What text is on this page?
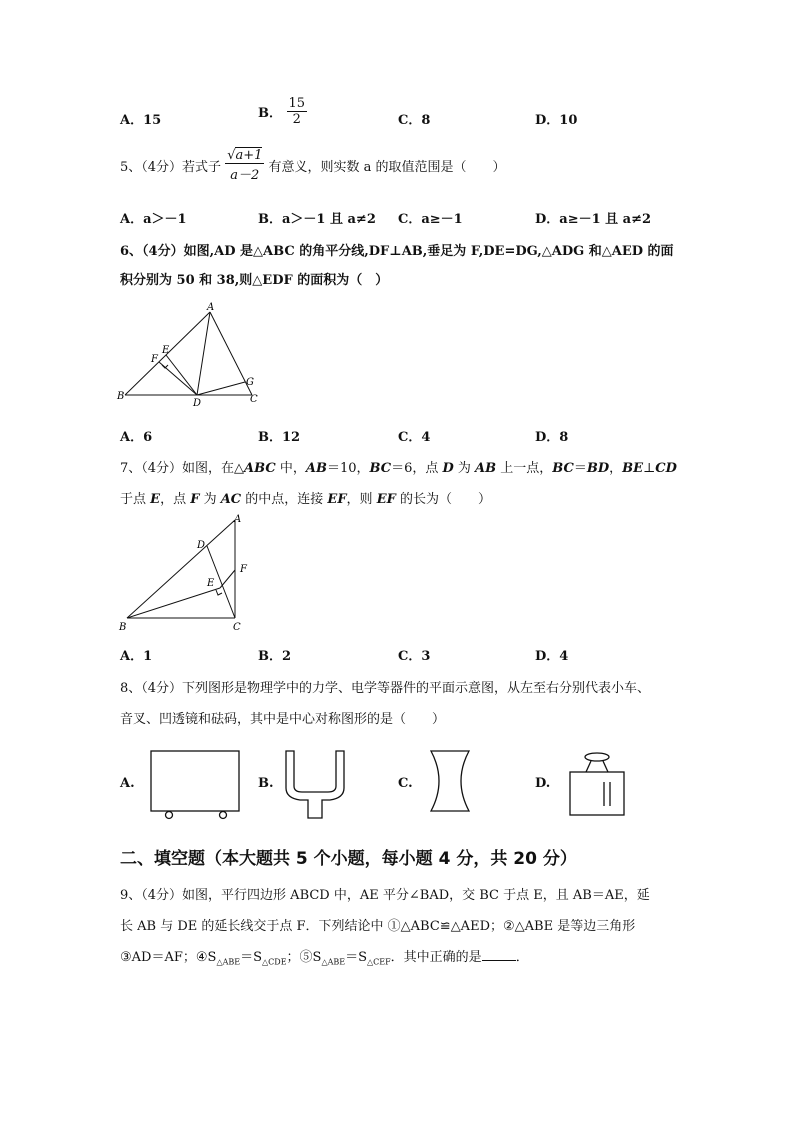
A．15	B． $\frac{15}{2}$	C．8	D．10
5、（4分）若式子 $\frac{√a+1}{a-2}$ 有意义，则实数 a 的取值范围是（　　）
A．a＞－1	B．a＞－1 且 a≠2 C．a≥－1	D．a≥－1 且 a≠2
6、（4分）如图,AD 是△ABC 的角平分线,DF⊥AB,垂足为 F,DE=DG,△ADG 和△AED 的面
积分别为 50 和 38,则△EDF 的面积为（　）
A
B	C
D
E
F
G
A．6	B．12	C．4	D．8
7、（4分）如图，在△ABC 中，AB＝10，BC＝6，点 D 为 AB 上一点，BC＝BD，BE⊥CD
于点 E，点 F 为 AC 的中点，连接 EF，则 EF 的长为（　　）
A
B	C
D
E
F
A．1	B．2	C．3	D．4
8、（4分）下列图形是物理学中的力学、电学等器件的平面示意图，从左至右分别代表小车、
音叉、凹透镜和砝码，其中是中心对称图形的是（　　）
A.	B.	C.	D.
二、填空题（本大题共 5 个小题，每小题 4 分，共 20 分）
9、（4分）如图，平行四边形 ABCD 中，AE 平分∠BAD，交 BC 于点 E，且 AB＝AE，延
长 AB 与 DE 的延长线交于点 F．下列结论中 ①△ABC≌△AED；②△ABE 是等边三角形
③AD＝AF；$④S_{\triangle ABE}=S_{\triangle CDE}$；$⑤S_{\triangle ABE}=S_{\triangle CEF}$．其中正确的是	．
